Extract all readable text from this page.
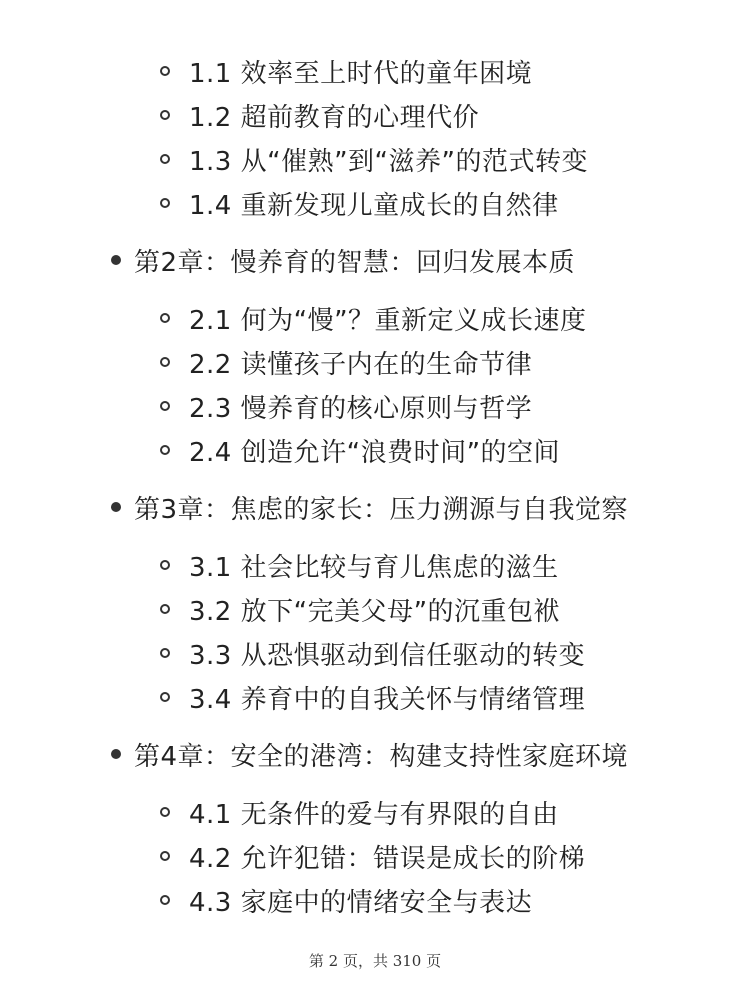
1.1 效率至上时代的童年困境
1.2 超前教育的心理代价
1.3 从“催熟”到“滋养”的范式转变
1.4 重新发现儿童成长的自然律
第2章：慢养育的智慧：回归发展本质
2.1 何为“慢”？重新定义成长速度
2.2 读懂孩子内在的生命节律
2.3 慢养育的核心原则与哲学
2.4 创造允许“浪费时间”的空间
第3章：焦虑的家长：压力溯源与自我觉察
3.1 社会比较与育儿焦虑的滋生
3.2 放下“完美父母”的沉重包袱
3.3 从恐惧驱动到信任驱动的转变
3.4 养育中的自我关怀与情绪管理
第4章：安全的港湾：构建支持性家庭环境
4.1 无条件的爱与有界限的自由
4.2 允许犯错：错误是成长的阶梯
4.3 家庭中的情绪安全与表达
第 2 页，共 310 页
